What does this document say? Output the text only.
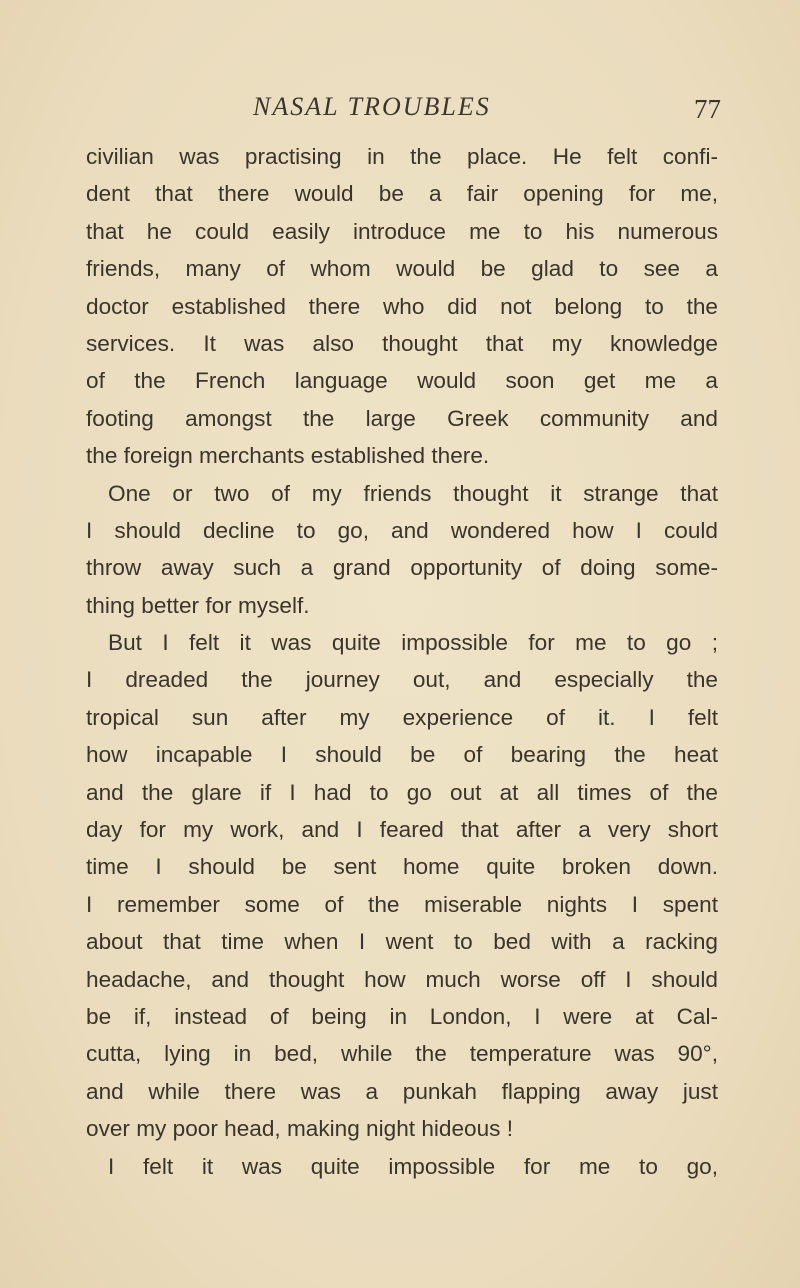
NASAL TROUBLES	77
civilian was practising in the place. He felt confi-
dent that there would be a fair opening for me,
that he could easily introduce me to his numerous
friends, many of whom would be glad to see a
doctor established there who did not belong to the
services. It was also thought that my knowledge
of the French language would soon get me a
footing amongst the large Greek community and
the foreign merchants established there.
One or two of my friends thought it strange that
I should decline to go, and wondered how I could
throw away such a grand opportunity of doing some-
thing better for myself.
But I felt it was quite impossible for me to go ;
I dreaded the journey out, and especially the
tropical sun after my experience of it. I felt
how incapable I should be of bearing the heat
and the glare if I had to go out at all times of the
day for my work, and I feared that after a very short
time I should be sent home quite broken down.
I remember some of the miserable nights I spent
about that time when I went to bed with a racking
headache, and thought how much worse off I should
be if, instead of being in London, I were at Cal-
cutta, lying in bed, while the temperature was 90°,
and while there was a punkah flapping away just
over my poor head, making night hideous !
I felt it was quite impossible for me to go,
